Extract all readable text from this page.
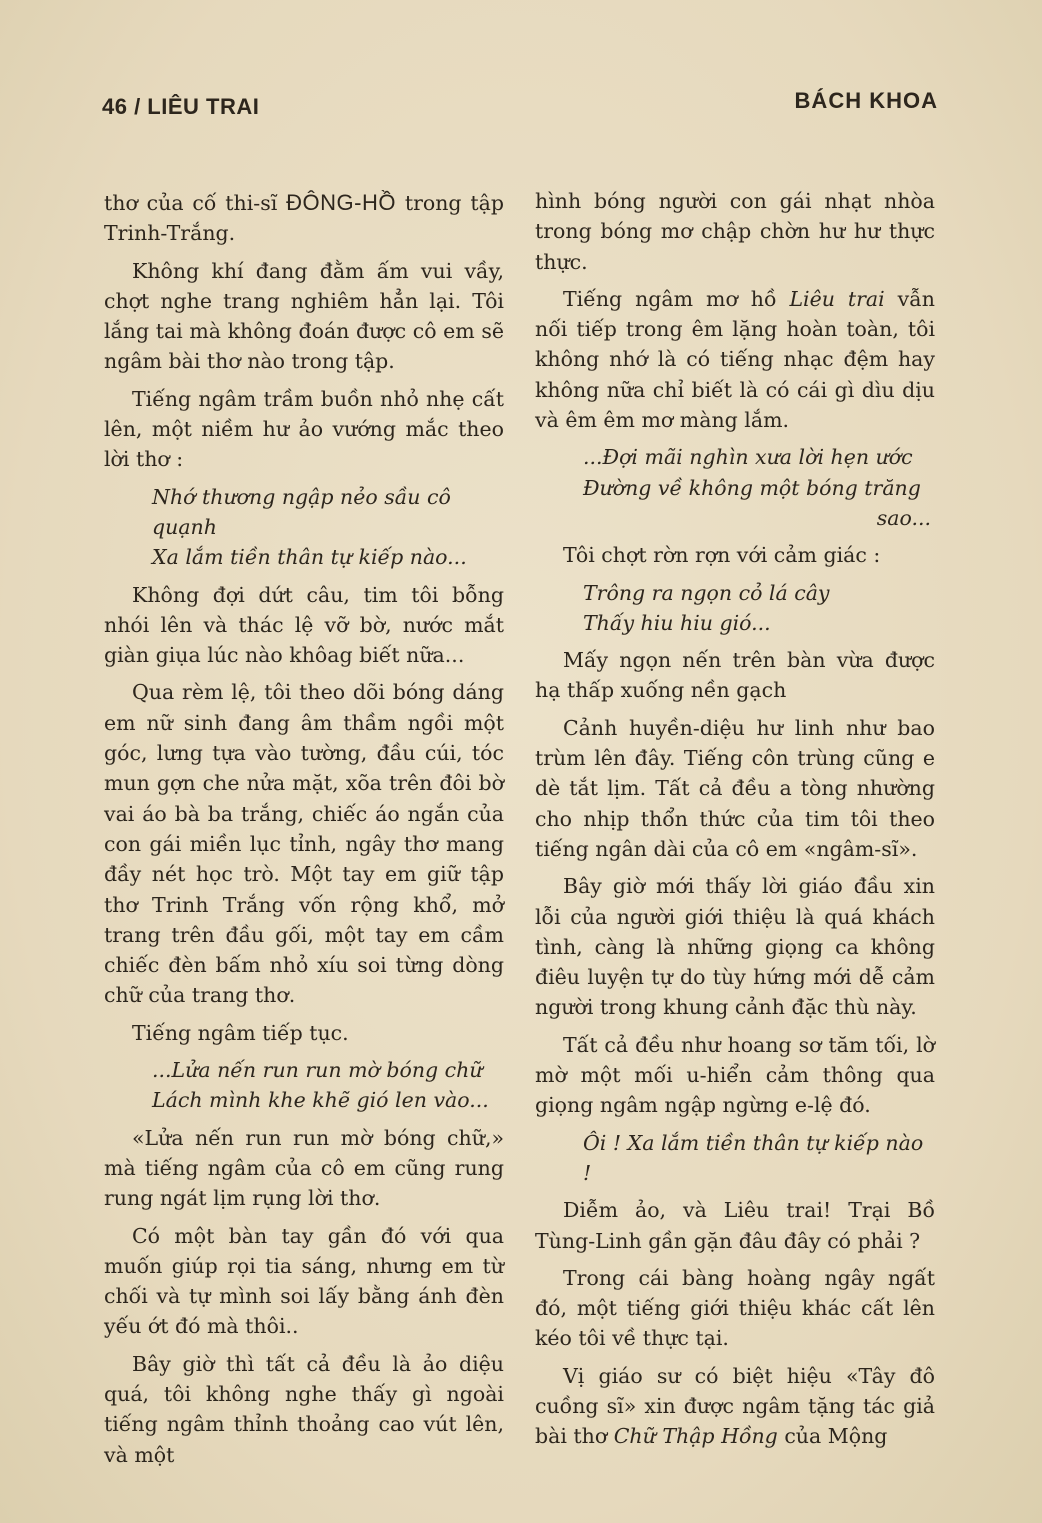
46 / LIÊU TRAI	BÁCH KHOA

thơ của cố thi-sĩ ĐÔNG-HỒ trong tập Trinh-Trắng.

Không khí đang đằm ấm vui vầy, chợt nghe trang nghiêm hẳn lại. Tôi lắng tai mà không đoán được cô em sẽ ngâm bài thơ nào trong tập.

Tiếng ngâm trầm buồn nhỏ nhẹ cất lên, một niềm hư ảo vướng mắc theo lời thơ :

Nhớ thương ngập nẻo sầu cô quạnh
Xa lắm tiền thân tự kiếp nào...

Không đợi dứt câu, tim tôi bỗng nhói lên và thác lệ vỡ bờ, nước mắt giàn giụa lúc nào khôag biết nữa...

Qua rèm lệ, tôi theo dõi bóng dáng em nữ sinh đang âm thầm ngồi một góc, lưng tựa vào tường, đầu cúi, tóc mun gợn che nửa mặt, xõa trên đôi bờ vai áo bà ba trắng, chiếc áo ngắn của con gái miền lục tỉnh, ngây thơ mang đầy nét học trò. Một tay em giữ tập thơ Trinh Trắng vốn rộng khổ, mở trang trên đầu gối, một tay em cầm chiếc đèn bấm nhỏ xíu soi từng dòng chữ của trang thơ.

Tiếng ngâm tiếp tục.

...Lửa nến run run mờ bóng chữ
Lách mình khe khẽ gió len vào...

«Lửa nến run run mờ bóng chữ,» mà tiếng ngâm của cô em cũng rung rung ngát lịm rụng lời thơ.

Có một bàn tay gần đó với qua muốn giúp rọi tia sáng, nhưng em từ chối và tự mình soi lấy bằng ánh đèn yếu ớt đó mà thôi..

Bây giờ thì tất cả đều là ảo diệu quá, tôi không nghe thấy gì ngoài tiếng ngâm thỉnh thoảng cao vút lên, và một

hình bóng người con gái nhạt nhòa trong bóng mơ chập chờn hư hư thực thực.

Tiếng ngâm mơ hồ Liêu trai vẫn nối tiếp trong êm lặng hoàn toàn, tôi không nhớ là có tiếng nhạc đệm hay không nữa chỉ biết là có cái gì dìu dịu và êm êm mơ màng lắm.

...Đợi mãi nghìn xưa lời hẹn ước
Đường về không một bóng trăng
sao...

Tôi chợt rờn rợn với cảm giác :

Trông ra ngọn cỏ lá cây
Thấy hiu hiu gió...

Mấy ngọn nến trên bàn vừa được hạ thấp xuống nền gạch

Cảnh huyền-diệu hư linh như bao trùm lên đây. Tiếng côn trùng cũng e dè tắt lịm. Tất cả đều a tòng nhường cho nhịp thổn thức của tim tôi theo tiếng ngân dài của cô em «ngâm-sĩ».

Bây giờ mới thấy lời giáo đầu xin lỗi của người giới thiệu là quá khách tình, càng là những giọng ca không điêu luyện tự do tùy hứng mới dễ cảm người trong khung cảnh đặc thù này.

Tất cả đều như hoang sơ tăm tối, lờ mờ một mối u-hiển cảm thông qua giọng ngâm ngập ngừng e-lệ đó.

Ôi ! Xa lắm tiền thân tự kiếp nào !

Diễm ảo, và Liêu trai! Trại Bồ Tùng-Linh gần gặn đâu đây có phải ?

Trong cái bàng hoàng ngây ngất đó, một tiếng giới thiệu khác cất lên kéo tôi về thực tại.

Vị giáo sư có biệt hiệu «Tây đô cuồng sĩ» xin được ngâm tặng tác giả bài thơ Chữ Thập Hồng của Mộng
